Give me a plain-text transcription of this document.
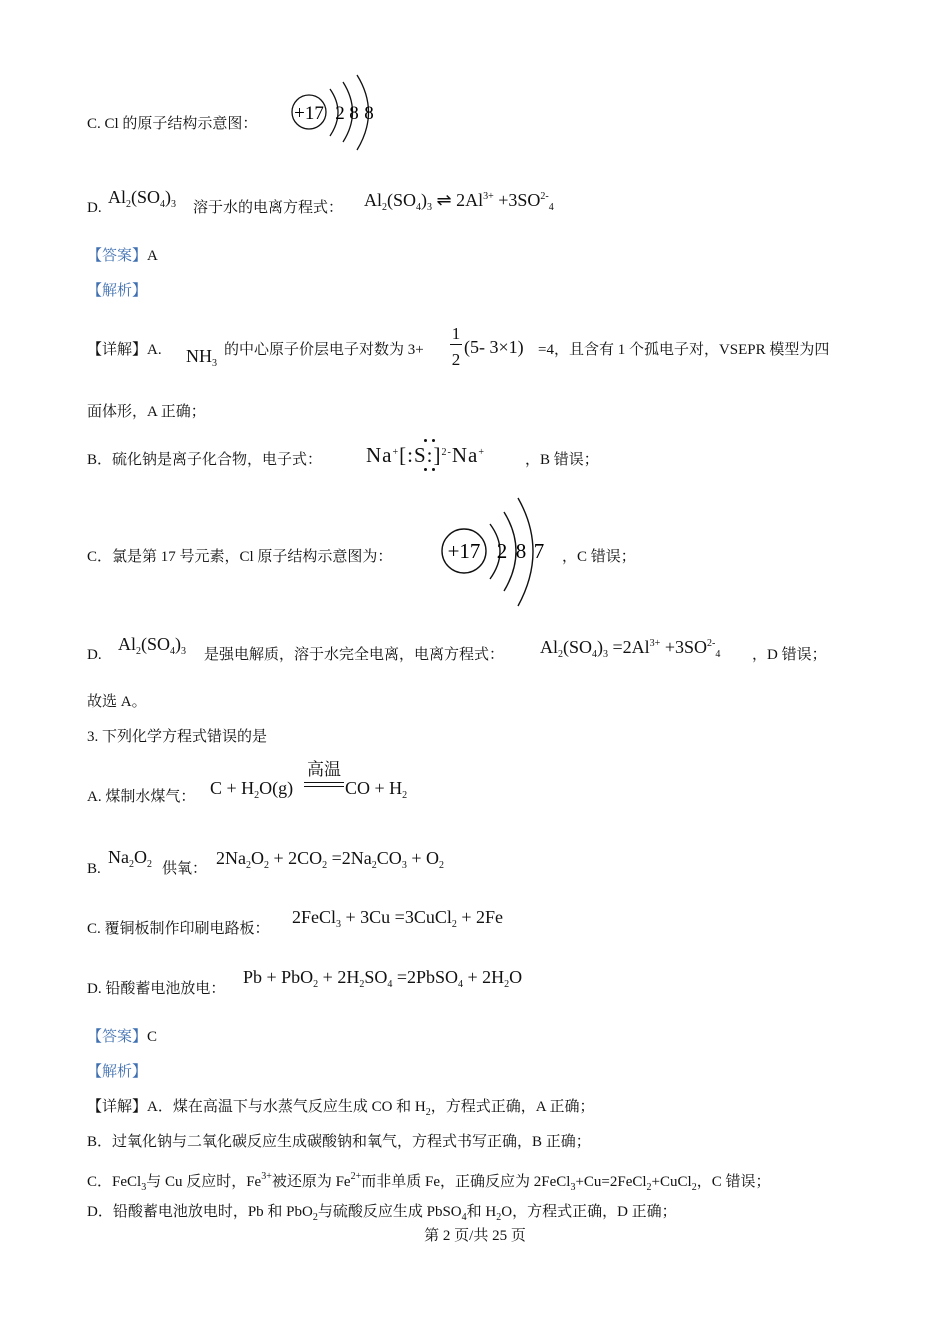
C. Cl 的原子结构示意图： +17 2 8 8
D.
$Al_2(SO_4)_3$ 溶于水的电离方程式： $Al_2(SO_4)_3$ ⇌ $2Al^{3+} +3SO^{2-}_4$
【答案】A
【解析】
【详解】A. $NH_3$
的中心原子价层电子对数为 3+
1
2
(5- 3×1) =4，且含有 1 个孤电子对，VSEPR 模型为四
面体形，A 正确；
B．硫化钠是离子化合物，电子式： Na+[:S:]$^{2-}$Na+	，B 错误；
C．氯是第 17 号元素，Cl 原子结构示意图为：	+17 2 8 7 ，C 错误；
D.
$Al_2(SO_4)_3$ 是强电解质，溶于水完全电离，电离方程式： $Al_2(SO_4)_3 =2Al^{3+} +3SO^{2-}_4$ ，D 错误；
故选 A。
3. 下列化学方程式错误的是
A. 煤制水煤气： $C + H_2O(g)$
高温
CO + $H_2$
B.
$Na_2O_2$ 供氧：
$2Na_2O_2 + 2CO_2 =2Na_2CO_3 + O_2$
C. 覆铜板制作印刷电路板：
2FeCl$_3$ + 3Cu =3CuCl$_2$ + 2Fe
D. 铅酸蓄电池放电：
$Pb + PbO_2 + 2H_2SO_4$ =2PbSO$_4$ + $2H_2O$
【答案】C
【解析】
【详解】A．煤在高温下与水蒸气反应生成 CO 和 $H_2$，方程式正确，A 正确；
B．过氧化钠与二氧化碳反应生成碳酸钠和氧气，方程式书写正确，B 正确；
C．FeCl$_3$与 Cu 反应时，$Fe^{3+}$被还原为 $Fe^{2+}$而非单质 Fe，正确反应为 2FeCl$_3$+Cu=2FeCl$_2$+CuCl$_2$，C 错误；
D．铅酸蓄电池放电时，Pb 和 PbO$_2$与硫酸反应生成 PbSO$_4$和 $H_2O$，方程式正确，D 正确；
第 2 页/共 25 页
